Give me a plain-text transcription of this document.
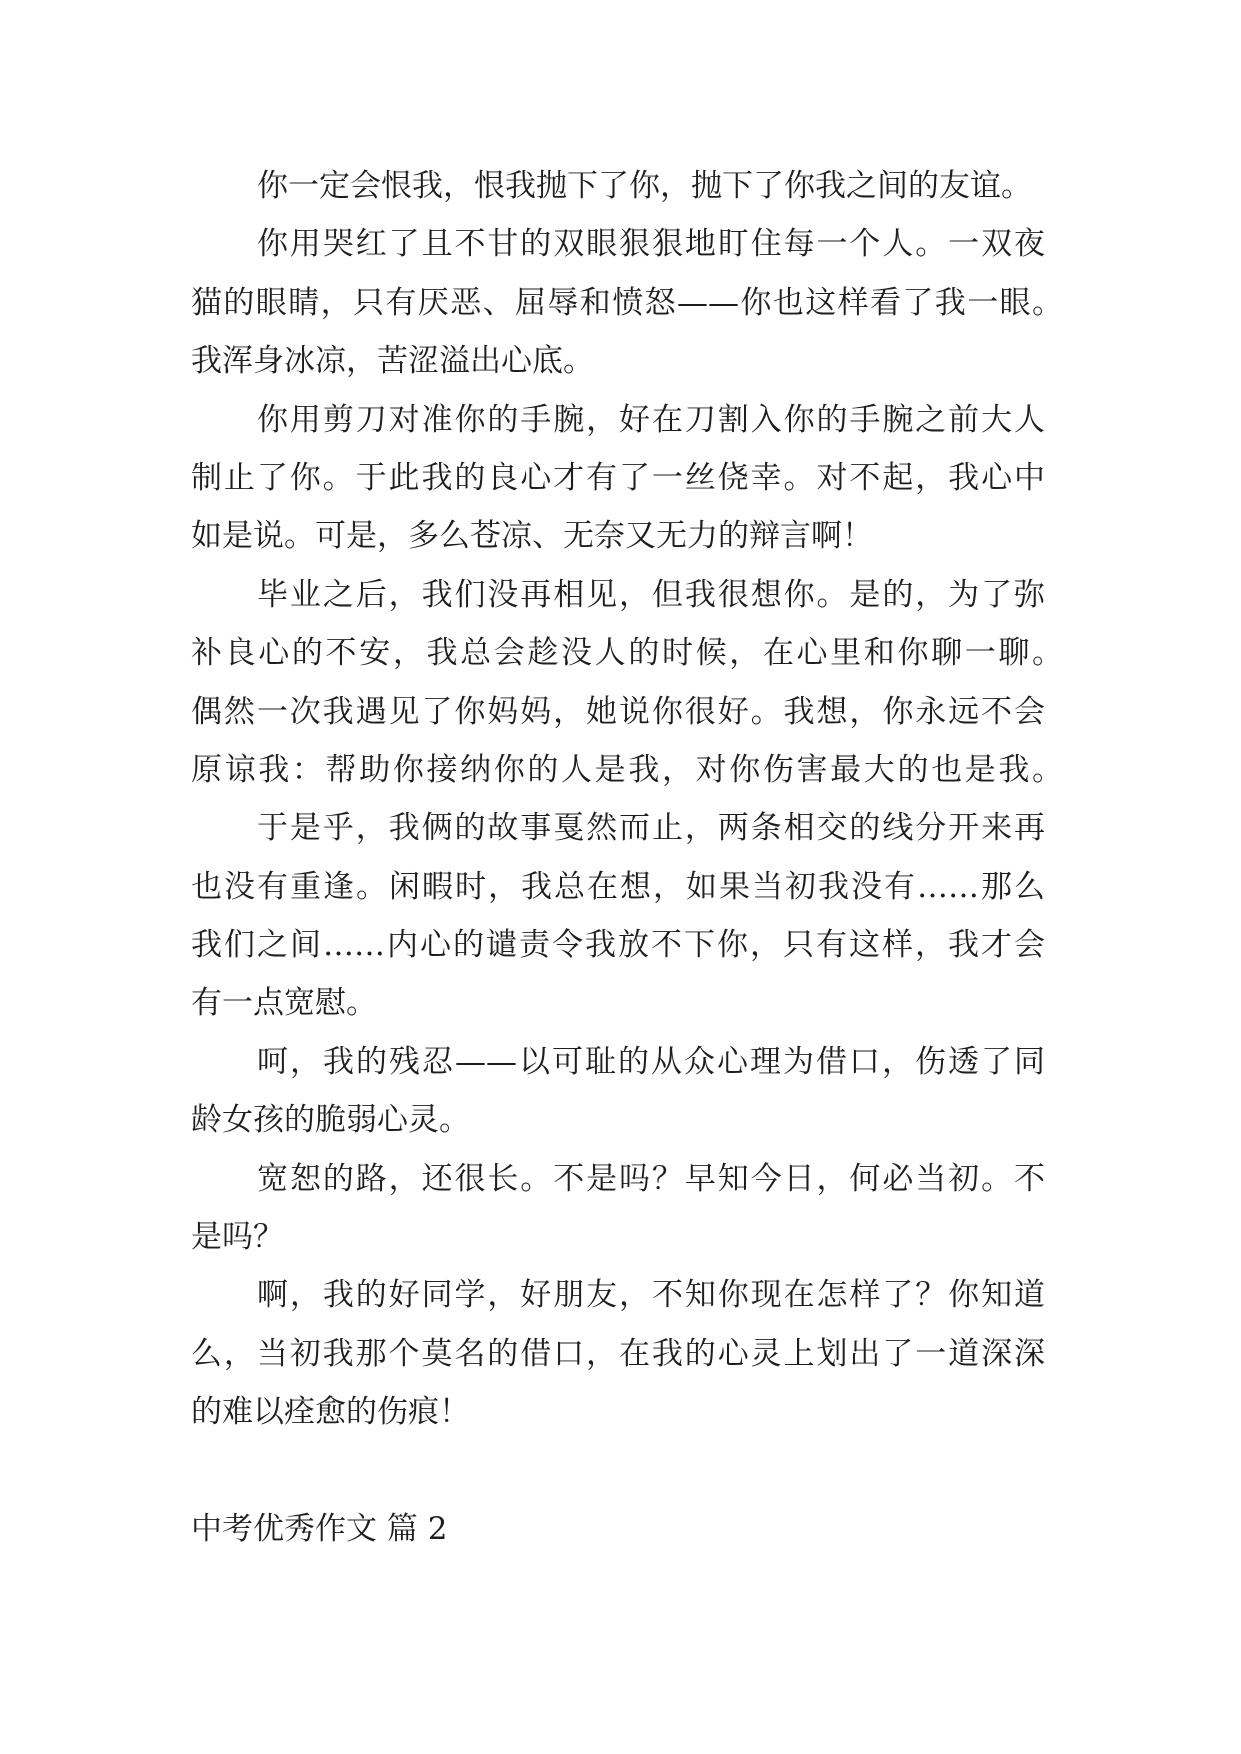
你一定会恨我，恨我抛下了你，抛下了你我之间的友谊。
你用哭红了且不甘的双眼狠狠地盯住每一个人。一双夜
猫的眼睛，只有厌恶、屈辱和愤怒——你也这样看了我一眼。
我浑身冰凉，苦涩溢出心底。
你用剪刀对准你的手腕，好在刀割入你的手腕之前大人
制止了你。于此我的良心才有了一丝侥幸。对不起，我心中
如是说。可是，多么苍凉、无奈又无力的辩言啊！
毕业之后，我们没再相见，但我很想你。是的，为了弥
补良心的不安，我总会趁没人的时候，在心里和你聊一聊。
偶然一次我遇见了你妈妈，她说你很好。我想，你永远不会
原谅我：帮助你接纳你的人是我，对你伤害最大的也是我。
于是乎，我俩的故事戛然而止，两条相交的线分开来再
也没有重逢。闲暇时，我总在想，如果当初我没有……那么
我们之间……内心的谴责令我放不下你，只有这样，我才会
有一点宽慰。
呵，我的残忍——以可耻的从众心理为借口，伤透了同
龄女孩的脆弱心灵。
宽恕的路，还很长。不是吗？早知今日，何必当初。不
是吗？
啊，我的好同学，好朋友，不知你现在怎样了？你知道
么，当初我那个莫名的借口，在我的心灵上划出了一道深深
的难以痊愈的伤痕！
中考优秀作文 篇 2
